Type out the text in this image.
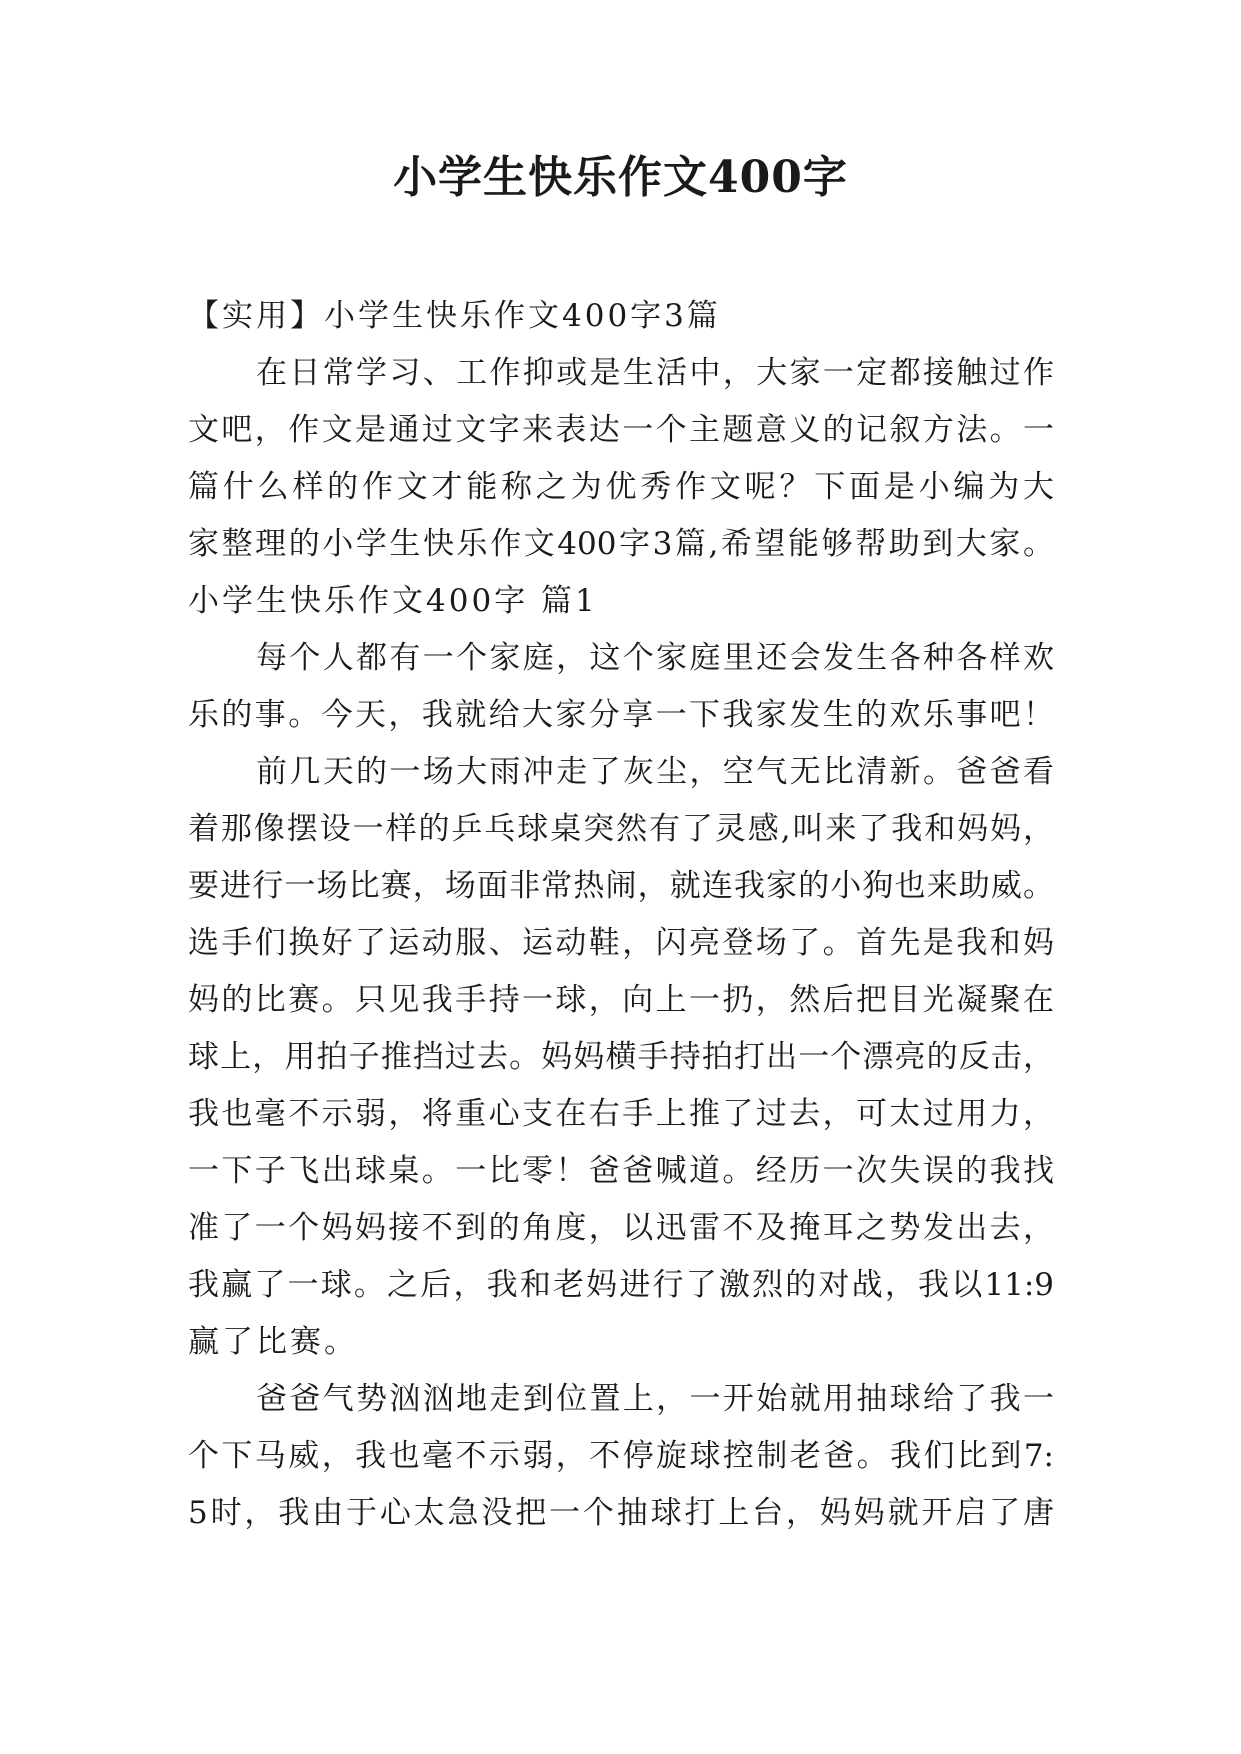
小学生快乐作文400字
【实用】小学生快乐作文400字3篇
在日常学习、工作抑或是生活中，大家一定都接触过作
文吧，作文是通过文字来表达一个主题意义的记叙方法。一
篇什么样的作文才能称之为优秀作文呢？下面是小编为大
家整理的小学生快乐作文400字3篇,希望能够帮助到大家。
小学生快乐作文400字 篇1
每个人都有一个家庭，这个家庭里还会发生各种各样欢
乐的事。今天，我就给大家分享一下我家发生的欢乐事吧！
前几天的一场大雨冲走了灰尘，空气无比清新。爸爸看
着那像摆设一样的乒乓球桌突然有了灵感,叫来了我和妈妈，
要进行一场比赛，场面非常热闹，就连我家的小狗也来助威。
选手们换好了运动服、运动鞋，闪亮登场了。首先是我和妈
妈的比赛。只见我手持一球，向上一扔，然后把目光凝聚在
球上，用拍子推挡过去。妈妈横手持拍打出一个漂亮的反击，
我也毫不示弱，将重心支在右手上推了过去，可太过用力，
一下子飞出球桌。一比零！爸爸喊道。经历一次失误的我找
准了一个妈妈接不到的角度，以迅雷不及掩耳之势发出去，
我赢了一球。之后，我和老妈进行了激烈的对战，我以11:9
赢了比赛。
爸爸气势汹汹地走到位置上，一开始就用抽球给了我一
个下马威，我也毫不示弱，不停旋球控制老爸。我们比到7:
5时，我由于心太急没把一个抽球打上台，妈妈就开启了唐
